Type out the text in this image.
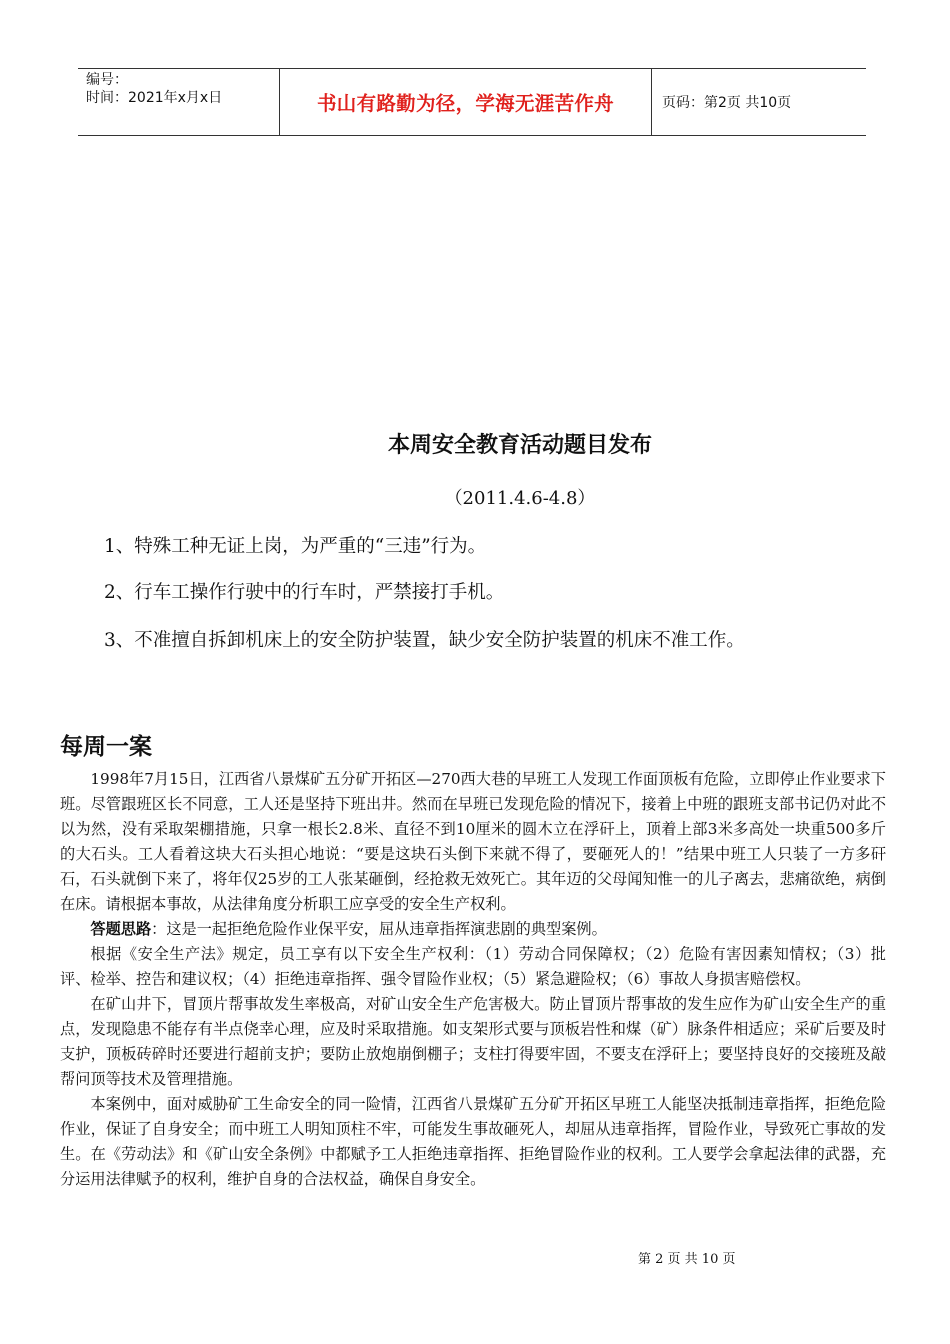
编号：
时间：2021年x月x日	书山有路勤为径，学海无涯苦作舟	页码：第2页 共10页
本周安全教育活动题目发布
（2011.4.6-4.8）
1、特殊工种无证上岗，为严重的“三违”行为。
2、行车工操作行驶中的行车时，严禁接打手机。
3、不准擅自拆卸机床上的安全防护装置，缺少安全防护装置的机床不准工作。
每周一案

1998年7月15日，江西省八景煤矿五分矿开拓区—270西大巷的早班工人发现工作面顶板有危险，立即停止作业要求下班。尽管跟班区长不同意，工人还是坚持下班出井。然而在早班已发现危险的情况下，接着上中班的跟班支部书记仍对此不以为然，没有采取架棚措施，只拿一根长2.8米、直径不到10厘米的圆木立在浮矸上，顶着上部3米多高处一块重500多斤的大石头。工人看着这块大石头担心地说：“要是这块石头倒下来就不得了，要砸死人的！”结果中班工人只装了一方多矸石，石头就倒下来了，将年仅25岁的工人张某砸倒，经抢救无效死亡。其年迈的父母闻知惟一的儿子离去，悲痛欲绝，病倒在床。请根据本事故，从法律角度分析职工应享受的安全生产权利。

答题思路：这是一起拒绝危险作业保平安，屈从违章指挥演悲剧的典型案例。

根据《安全生产法》规定，员工享有以下安全生产权利：（1）劳动合同保障权；（2）危险有害因素知情权；（3）批评、检举、控告和建议权；（4）拒绝违章指挥、强令冒险作业权；（5）紧急避险权；（6）事故人身损害赔偿权。

在矿山井下，冒顶片帮事故发生率极高，对矿山安全生产危害极大。防止冒顶片帮事故的发生应作为矿山安全生产的重点，发现隐患不能存有半点侥幸心理，应及时采取措施。如支架形式要与顶板岩性和煤（矿）脉条件相适应；采矿后要及时支护，顶板砖碎时还要进行超前支护；要防止放炮崩倒棚子；支柱打得要牢固，不要支在浮矸上；要坚持良好的交接班及敲帮问顶等技术及管理措施。

本案例中，面对威胁矿工生命安全的同一险情，江西省八景煤矿五分矿开拓区早班工人能坚决抵制违章指挥，拒绝危险作业，保证了自身安全；而中班工人明知顶柱不牢，可能发生事故砸死人，却屈从违章指挥，冒险作业，导致死亡事故的发生。在《劳动法》和《矿山安全条例》中都赋予工人拒绝违章指挥、拒绝冒险作业的权利。工人要学会拿起法律的武器，充分运用法律赋予的权利，维护自身的合法权益，确保自身安全。

第 2 页 共 10 页
